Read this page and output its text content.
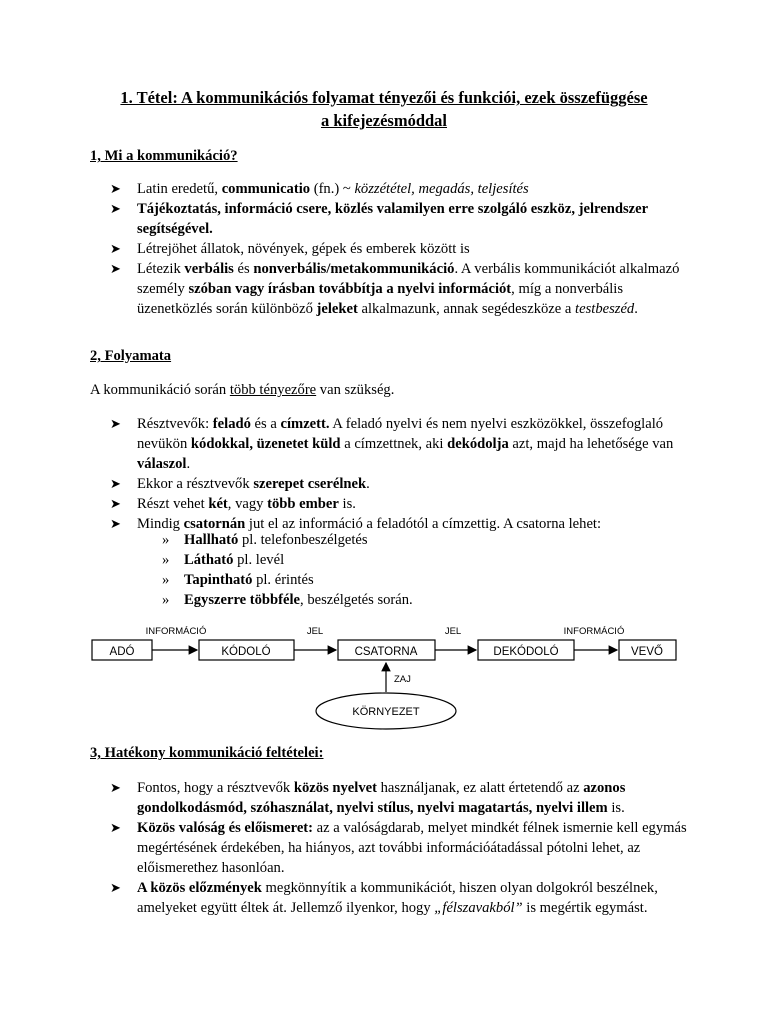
1. Tétel: A kommunikációs folyamat tényezői és funkciói, ezek összefüggése
a kifejezésmóddal
1, Mi a kommunikáció?
➤ Latin eredetű, communicatio (fn.) ~ közzététel, megadás, teljesítés
➤ Tájékoztatás, információ csere, közlés valamilyen erre szolgáló eszköz, jelrendszer segítségével.
➤ Létrejöhet állatok, növények, gépek és emberek között is
➤ Létezik verbális és nonverbális/metakommunikáció. A verbális kommunikációt alkalmazó személy szóban vagy írásban továbbítja a nyelvi információt, míg a nonverbális üzenetközlés során különböző jeleket alkalmazunk, annak segédeszköze a testbeszéd.
2, Folyamata
A kommunikáció során több tényezőre van szükség.
➤ Résztvevők: feladó és a címzett. A feladó nyelvi és nem nyelvi eszközökkel, összefoglaló nevükön kódokkal, üzenetet küld a címzettnek, aki dekódolja azt, majd ha lehetősége van válaszol.
➤ Ekkor a résztvevők szerepet cserélnek.
➤ Részt vehet két, vagy több ember is.
➤ Mindig csatornán jut el az információ a feladótól a címzettig. A csatorna lehet:
» Hallható pl. telefonbeszélgetés
» Látható pl. levél
» Tapintható pl. érintés
» Egyszerre többféle, beszélgetés során.
ADÓ	KÓDOLÓ	CSATORNA	DEKÓDOLÓ	VEVŐ
INFORMÁCIÓ	JEL	JEL	INFORMÁCIÓ
ZAJ
KÖRNYEZET
3, Hatékony kommunikáció feltételei:
➤ Fontos, hogy a résztvevők közös nyelvet használjanak, ez alatt értetendő az azonos gondolkodásmód, szóhasználat, nyelvi stílus, nyelvi magatartás, nyelvi illem is.
➤ Közös valóság és előismeret: az a valóságdarab, melyet mindkét félnek ismernie kell egymás megértésének érdekében, ha hiányos, azt további információátadással pótolni lehet, az előismerethez hasonlóan.
➤ A közös előzmények megkönnyítik a kommunikációt, hiszen olyan dolgokról beszélnek, amelyeket együtt éltek át. Jellemző ilyenkor, hogy „félszavakból” is megértik egymást.
